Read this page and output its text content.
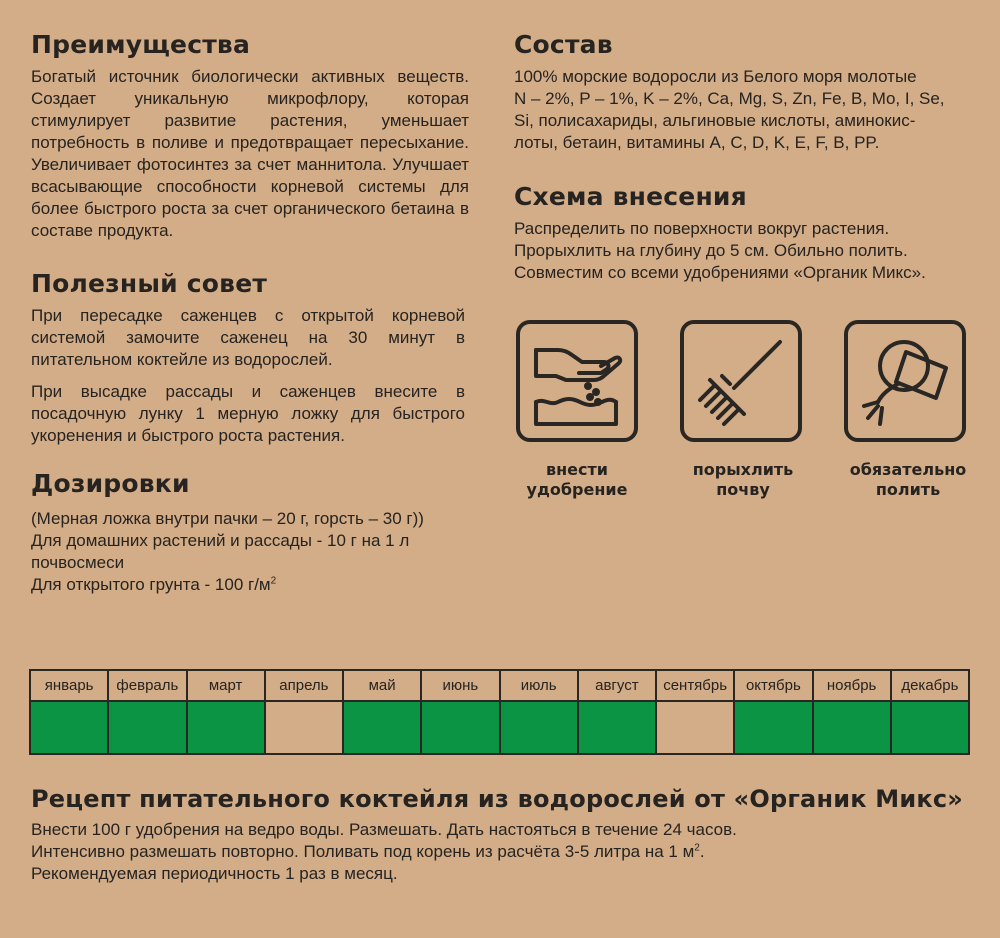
Преимущества

Богатый источник биологически активных веществ. Создает уникальную микрофлору, которая стимулирует развитие растения, уменьшает потребность в поливе и предотвращает пересыхание. Увеличивает фотосинтез за счет маннитола. Улучшает всасывающие способности корневой системы для более быстрого роста за счет органического бетаина в составе продукта.

Полезный совет

При пересадке саженцев с открытой корневой системой замочите саженец на 30 минут в питательном коктейле из водорослей.

При высадке рассады и саженцев внесите в посадочную лунку 1 мерную ложку для быстрого укоренения и быстрого роста растения.

Дозировки

(Мерная ложка внутри пачки – 20 г, горсть – 30 г))

Для домашних растений и рассады - 10 г на 1 л

почвосмеси

Для открытого грунта - 100 $г/м^2$

Состав

100% морские водоросли из Белого моря молотые

N – 2%, P – 1%, K – 2%, Ca, Mg, S, Zn, Fe, B, Mo, I, Se,

Si, полисахариды, альгиновые кислоты, аминокис-

лоты, бетаин, витамины A, C, D, K, E, F, B, PP.

Схема внесения

Распределить по поверхности вокруг растения.

Прорыхлить на глубину до 5 см. Обильно полить.

Совместим со всеми удобрениями «Органик Микс».

внести
удобрение
порыхлить
почву
обязательно
полить
январь	февраль	март	апрель	май	июнь	июль	август	сентябрь	октябрь	ноябрь	декабрь
Рецепт питательного коктейля из водорослей от «Органик Микс»

Внести 100 г удобрения на ведро воды. Размешать. Дать настояться в течение 24 часов.

Интенсивно размешать повторно. Поливать под корень из расчёта 3-5 литра на 1 $м^2$.

Рекомендуемая периодичность 1 раз в месяц.
